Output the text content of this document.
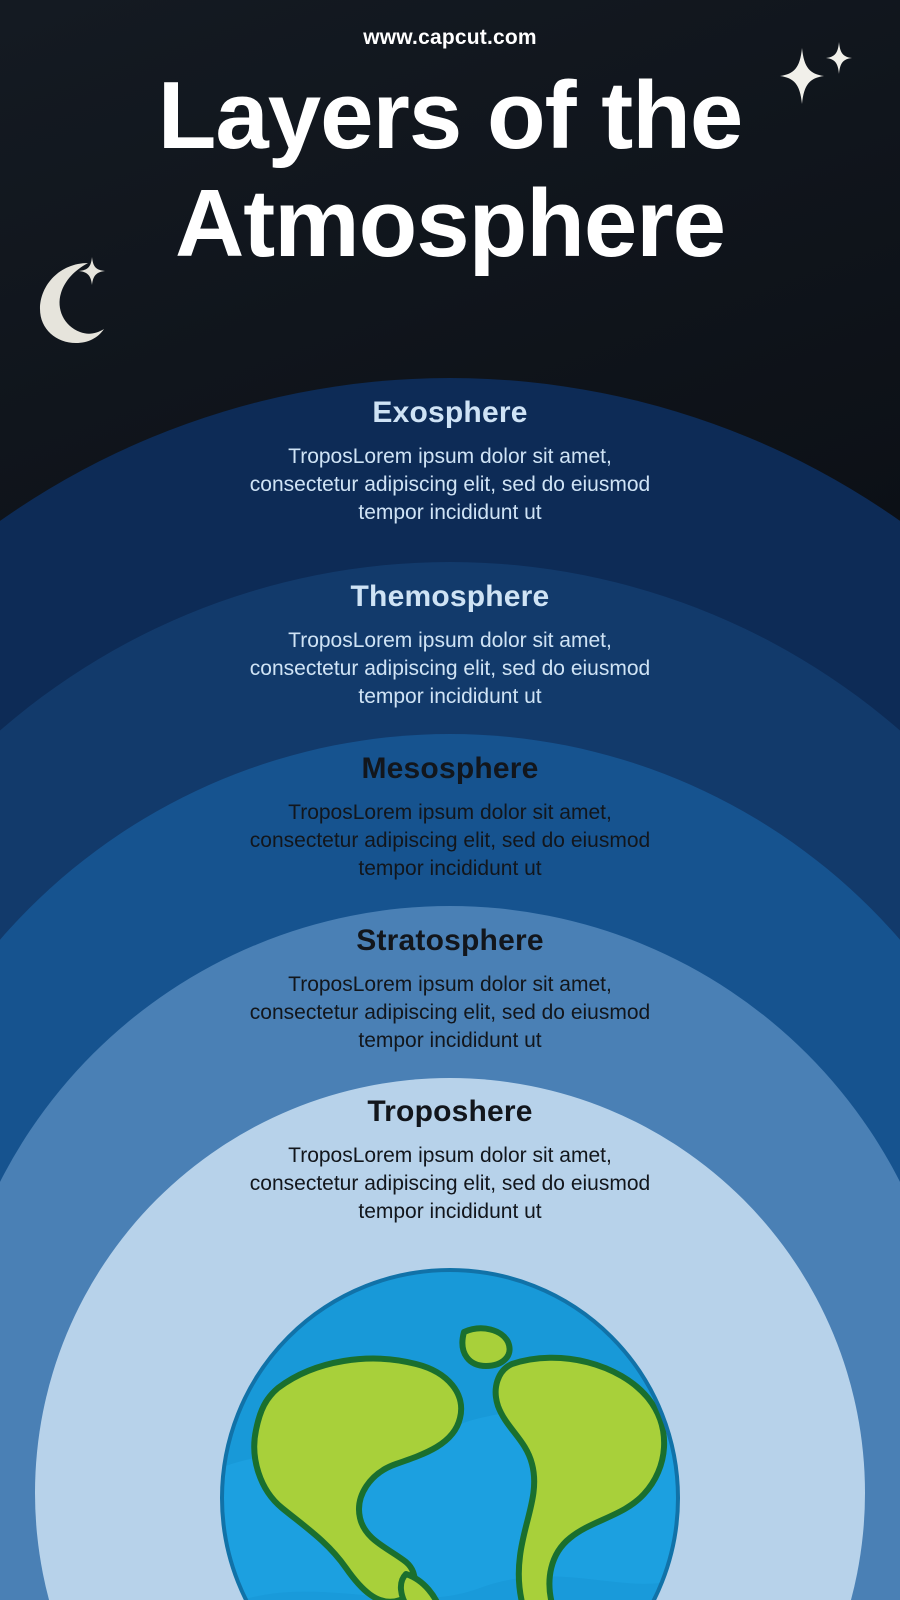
www.capcut.com
Layers of the
Atmosphere
Exosphere

TroposLorem ipsum dolor sit amet, consectetur adipiscing elit, sed do eiusmod tempor incididunt ut

Themosphere

TroposLorem ipsum dolor sit amet, consectetur adipiscing elit, sed do eiusmod tempor incididunt ut

Mesosphere

TroposLorem ipsum dolor sit amet, consectetur adipiscing elit, sed do eiusmod tempor incididunt ut

Stratosphere

TroposLorem ipsum dolor sit amet, consectetur adipiscing elit, sed do eiusmod tempor incididunt ut

Troposhere

TroposLorem ipsum dolor sit amet, consectetur adipiscing elit, sed do eiusmod tempor incididunt ut
